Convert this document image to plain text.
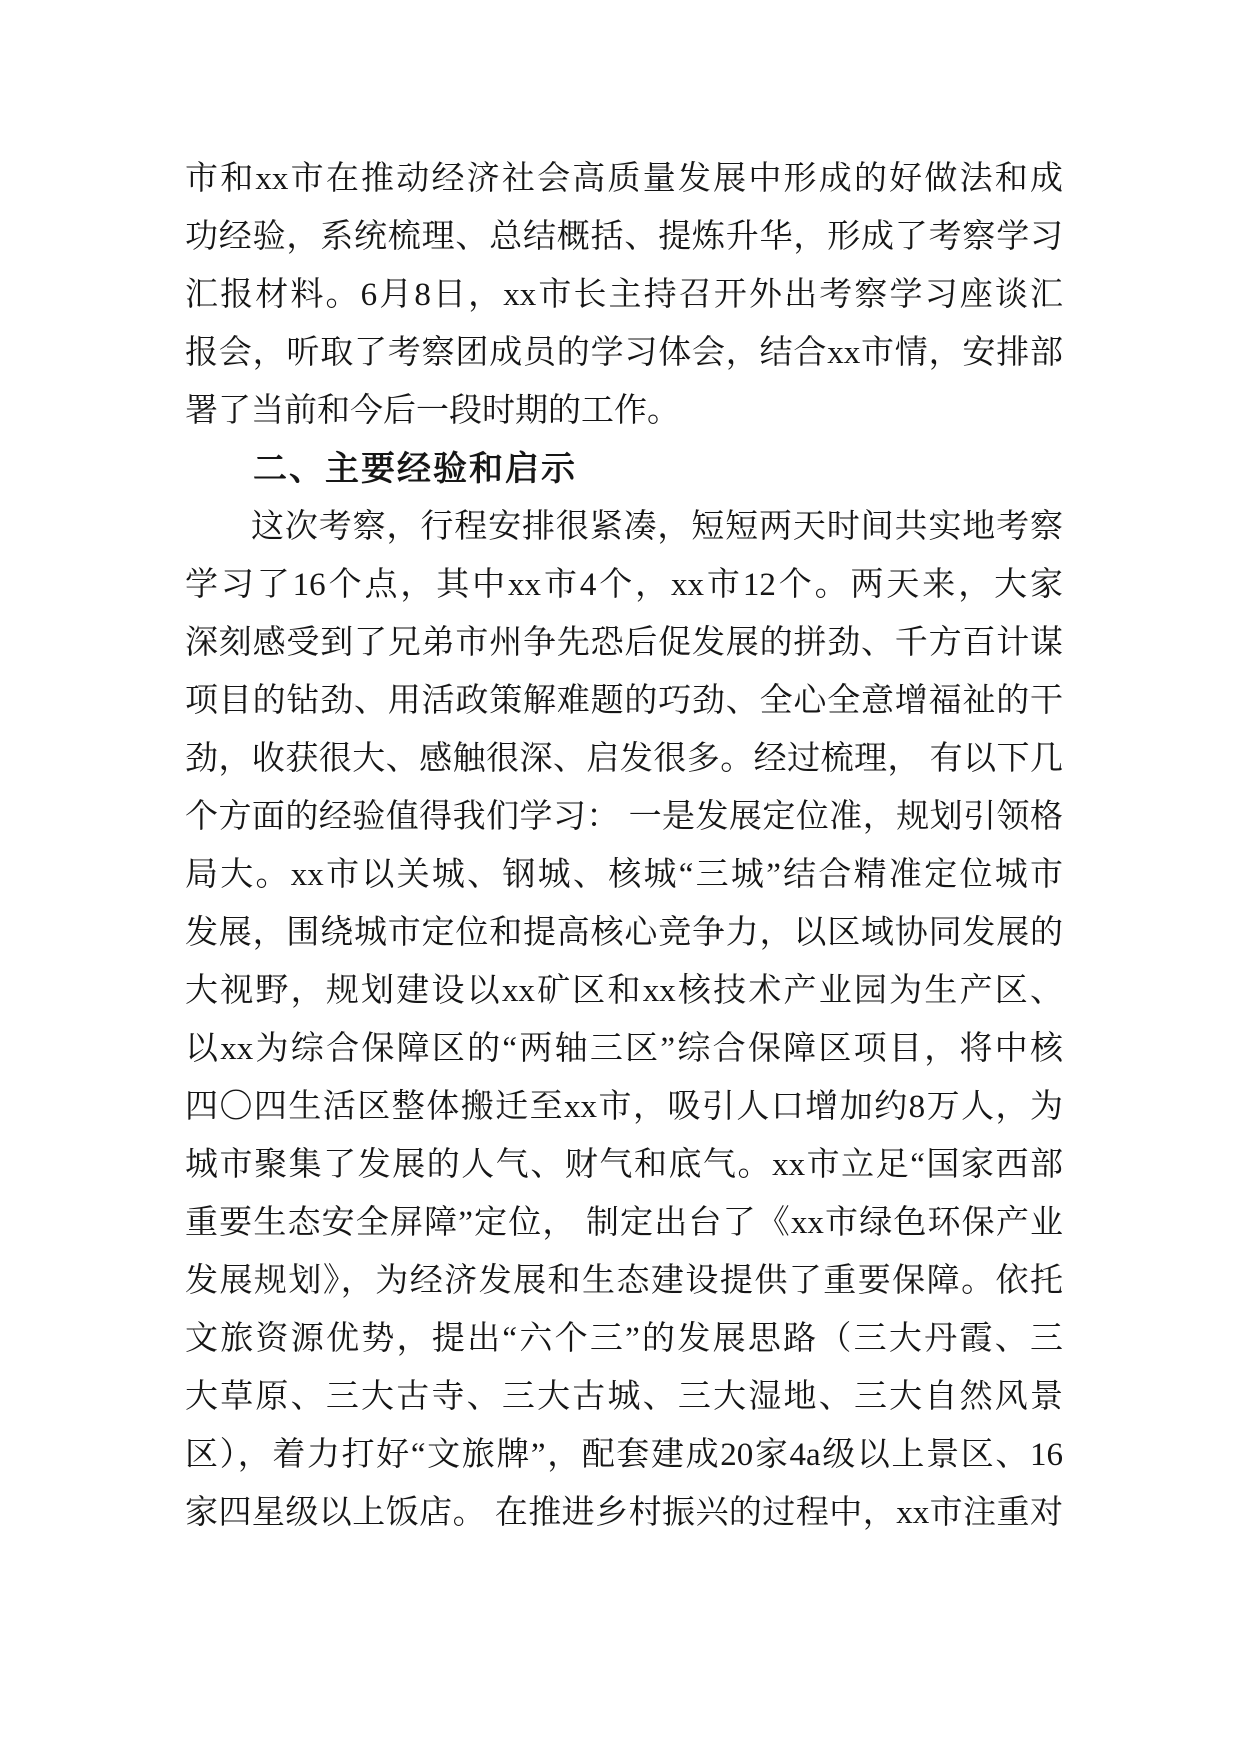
市和xx市在推动经济社会高质量发展中形成的好做法和成
功经验，系统梳理、总结概括、提炼升华，形成了考察学习
汇报材料。6月8日，xx市长主持召开外出考察学习座谈汇
报会，听取了考察团成员的学习体会，结合xx市情，安排部
署了当前和今后一段时期的工作。
二、主要经验和启示
这次考察，行程安排很紧凑，短短两天时间共实地考察
学习了16个点，其中xx市4个，xx市12个。两天来，大家
深刻感受到了兄弟市州争先恐后促发展的拼劲、千方百计谋
项目的钻劲、用活政策解难题的巧劲、全心全意增福祉的干
劲，收获很大、感触很深、启发很多。经过梳理， 有以下几
个方面的经验值得我们学习： 一是发展定位准，规划引领格
局大。xx市以关城、钢城、核城“三城”结合精准定位城市
发展，围绕城市定位和提高核心竞争力，以区域协同发展的
大视野，规划建设以xx矿区和xx核技术产业园为生产区、
以xx为综合保障区的“两轴三区”综合保障区项目，将中核
四〇四生活区整体搬迁至xx市，吸引人口增加约8万人，为
城市聚集了发展的人气、财气和底气。xx市立足“国家西部
重要生态安全屏障”定位， 制定出台了《xx市绿色环保产业
发展规划》，为经济发展和生态建设提供了重要保障。依托
文旅资源优势，提出“六个三”的发展思路（三大丹霞、三
大草原、三大古寺、三大古城、三大湿地、三大自然风景
区），着力打好“文旅牌”，配套建成20家4a级以上景区、16
家四星级以上饭店。 在推进乡村振兴的过程中，xx市注重对
